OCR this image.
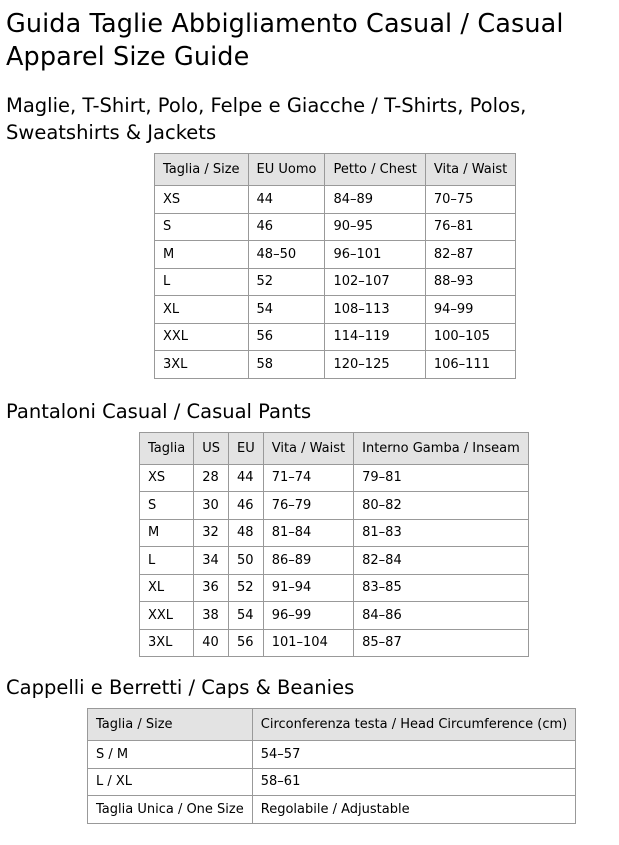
Guida Taglie Abbigliamento Casual / Casual Apparel Size Guide
Maglie, T-Shirt, Polo, Felpe e Giacche / T-Shirts, Polos, Sweatshirts & Jackets
Taglia / Size	EU Uomo	Petto / Chest	Vita / Waist
XS	44	84–89	70–75
S	46	90–95	76–81
M	48–50	96–101	82–87
L	52	102–107	88–93
XL	54	108–113	94–99
XXL	56	114–119	100–105
3XL	58	120–125	106–111
Pantaloni Casual / Casual Pants
Taglia	US	EU	Vita / Waist	Interno Gamba / Inseam
XS	28	44	71–74	79–81
S	30	46	76–79	80–82
M	32	48	81–84	81–83
L	34	50	86–89	82–84
XL	36	52	91–94	83–85
XXL	38	54	96–99	84–86
3XL	40	56	101–104	85–87
Cappelli e Berretti / Caps & Beanies
Taglia / Size	Circonferenza testa / Head Circumference (cm)
S / M	54–57
L / XL	58–61
Taglia Unica / One Size	Regolabile / Adjustable
